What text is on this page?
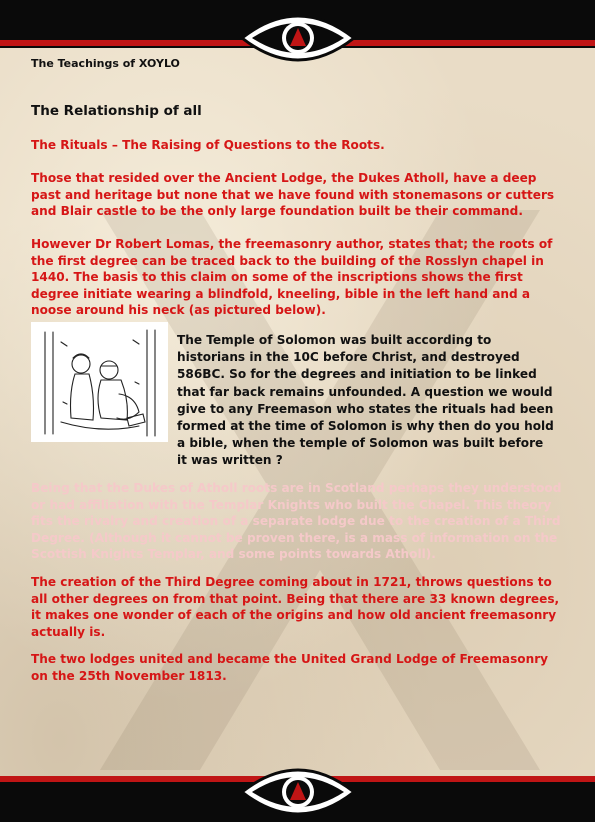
The Teachings of XOYLO
The Relationship of all
The Rituals – The Raising of Questions to the Roots.
Those that resided over the Ancient Lodge, the Dukes Atholl, have a deep past and heritage but none that we have found with stonemasons or cutters and Blair castle to be the only large foundation built be their command.
However Dr Robert Lomas, the freemasonry author, states that; the roots of the first degree can be traced back to the building of the Rosslyn chapel in 1440. The basis to this claim on some of the inscriptions shows the first degree initiate wearing a blindfold, kneeling, bible in the left hand and a noose around his neck (as pictured below).
The Temple of Solomon was built according to historians in the 10C before Christ, and destroyed 586BC. So for the degrees and initiation to be linked that far back remains unfounded. A question we would give to any Freemason who states the rituals had been formed at the time of Solomon is why then do you hold a bible, when the temple of Solomon was built before it was written ?
Being that the Dukes of Atholl roots are in Scotland perhaps they understood or had affiliation with the Templar Knights who built the Chapel. This theory fits the rivalry and creation of a separate lodge due to the creation of a Third Degree. (Although it cannot be proven there, is a mass of information on the Scottish Knights Templar, and some points towards Atholl).
The creation of the Third Degree coming about in 1721, throws questions to all other degrees on from that point. Being that there are 33 known degrees, it makes one wonder of each of the origins and how old ancient freemasonry actually is.
The two lodges united and became the United Grand Lodge of Freemasonry on the 25th November 1813.
